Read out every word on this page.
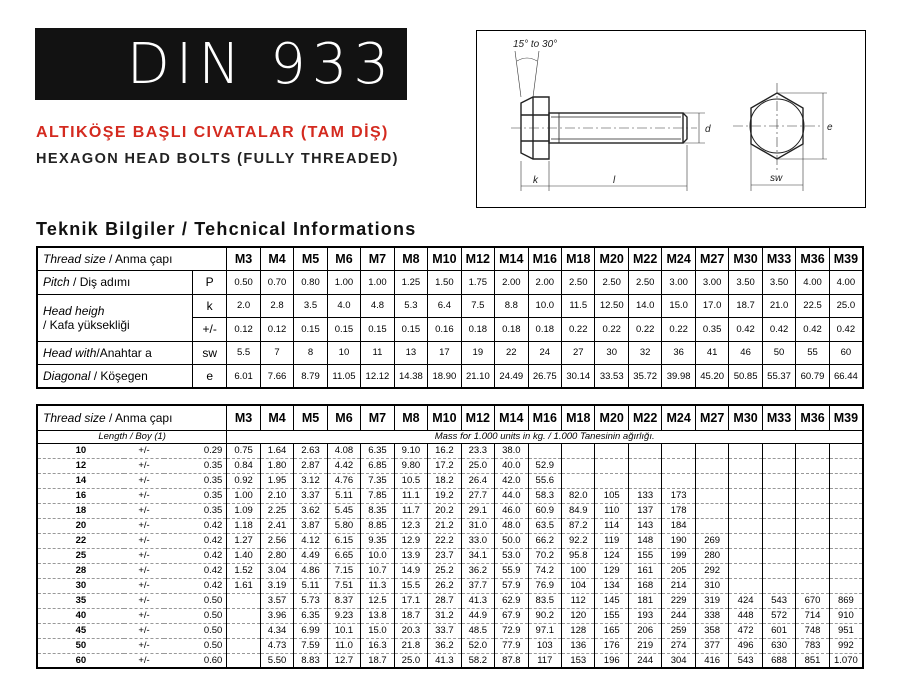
DIN 933
ALTIKÖŞE BAŞLI CIVATALAR (TAM DİŞ)
HEXAGON HEAD BOLTS (FULLY THREADED)
15° to 30°
d
k	l
e
sw
Teknik Bilgiler / Tehcnical Informations
Thread size / Anma çapı		M3	M4	M5	M6	M7	M8	M10	M12	M14	M16	M18	M20	M22	M24	M27	M30	M33	M36	M39
Pitch / Diş adımı	P	0.50	0.70	0.80	1.00	1.00	1.25	1.50	1.75	2.00	2.00	2.50	2.50	2.50	3.00	3.00	3.50	3.50	4.00	4.00
Head heigh
/ Kafa yüksekliği	k	2.0	2.8	3.5	4.0	4.8	5.3	6.4	7.5	8.8	10.0	11.5	12.50	14.0	15.0	17.0	18.7	21.0	22.5	25.0
	+/-	0.12	0.12	0.15	0.15	0.15	0.15	0.16	0.18	0.18	0.18	0.22	0.22	0.22	0.22	0.35	0.42	0.42	0.42	0.42
Head with/Anahtar a	sw	5.5	7	8	10	11	13	17	19	22	24	27	30	32	36	41	46	50	55	60
Diagonal / Köşegen	e	6.01	7.66	8.79	11.05	12.12	14.38	18.90	21.10	24.49	26.75	30.14	33.53	35.72	39.98	45.20	50.85	55.37	60.79	66.44
Thread size / Anma çapı			M3	M4	M5	M6	M7	M8	M10	M12	M14	M16	M18	M20	M22	M24	M27	M30	M33	M36	M39
Length / Boy (1)			Mass for 1.000 units in kg. / 1.000 Tanesinin ağırlığı.																		
10	+/-	0.29	0.75	1.64	2.63	4.08	6.35	9.10	16.2	23.3	38.0										
12	+/-	0.35	0.84	1.80	2.87	4.42	6.85	9.80	17.2	25.0	40.0	52.9									
14	+/-	0.35	0.92	1.95	3.12	4.76	7.35	10.5	18.2	26.4	42.0	55.6									
16	+/-	0.35	1.00	2.10	3.37	5.11	7.85	11.1	19.2	27.7	44.0	58.3	82.0	105	133	173					
18	+/-	0.35	1.09	2.25	3.62	5.45	8.35	11.7	20.2	29.1	46.0	60.9	84.9	110	137	178					
20	+/-	0.42	1.18	2.41	3.87	5.80	8.85	12.3	21.2	31.0	48.0	63.5	87.2	114	143	184					
22	+/-	0.42	1.27	2.56	4.12	6.15	9.35	12.9	22.2	33.0	50.0	66.2	92.2	119	148	190	269				
25	+/-	0.42	1.40	2.80	4.49	6.65	10.0	13.9	23.7	34.1	53.0	70.2	95.8	124	155	199	280				
28	+/-	0.42	1.52	3.04	4.86	7.15	10.7	14.9	25.2	36.2	55.9	74.2	100	129	161	205	292				
30	+/-	0.42	1.61	3.19	5.11	7.51	11.3	15.5	26.2	37.7	57.9	76.9	104	134	168	214	310				
35	+/-	0.50		3.57	5.73	8.37	12.5	17.1	28.7	41.3	62.9	83.5	112	145	181	229	319	424	543	670	869
40	+/-	0.50		3.96	6.35	9.23	13.8	18.7	31.2	44.9	67.9	90.2	120	155	193	244	338	448	572	714	910
45	+/-	0.50		4.34	6.99	10.1	15.0	20.3	33.7	48.5	72.9	97.1	128	165	206	259	358	472	601	748	951
50	+/-	0.50		4.73	7.59	11.0	16.3	21.8	36.2	52.0	77.9	103	136	176	219	274	377	496	630	783	992
60	+/-	0.60		5.50	8.83	12.7	18.7	25.0	41.3	58.2	87.8	117	153	196	244	304	416	543	688	851	1.070
